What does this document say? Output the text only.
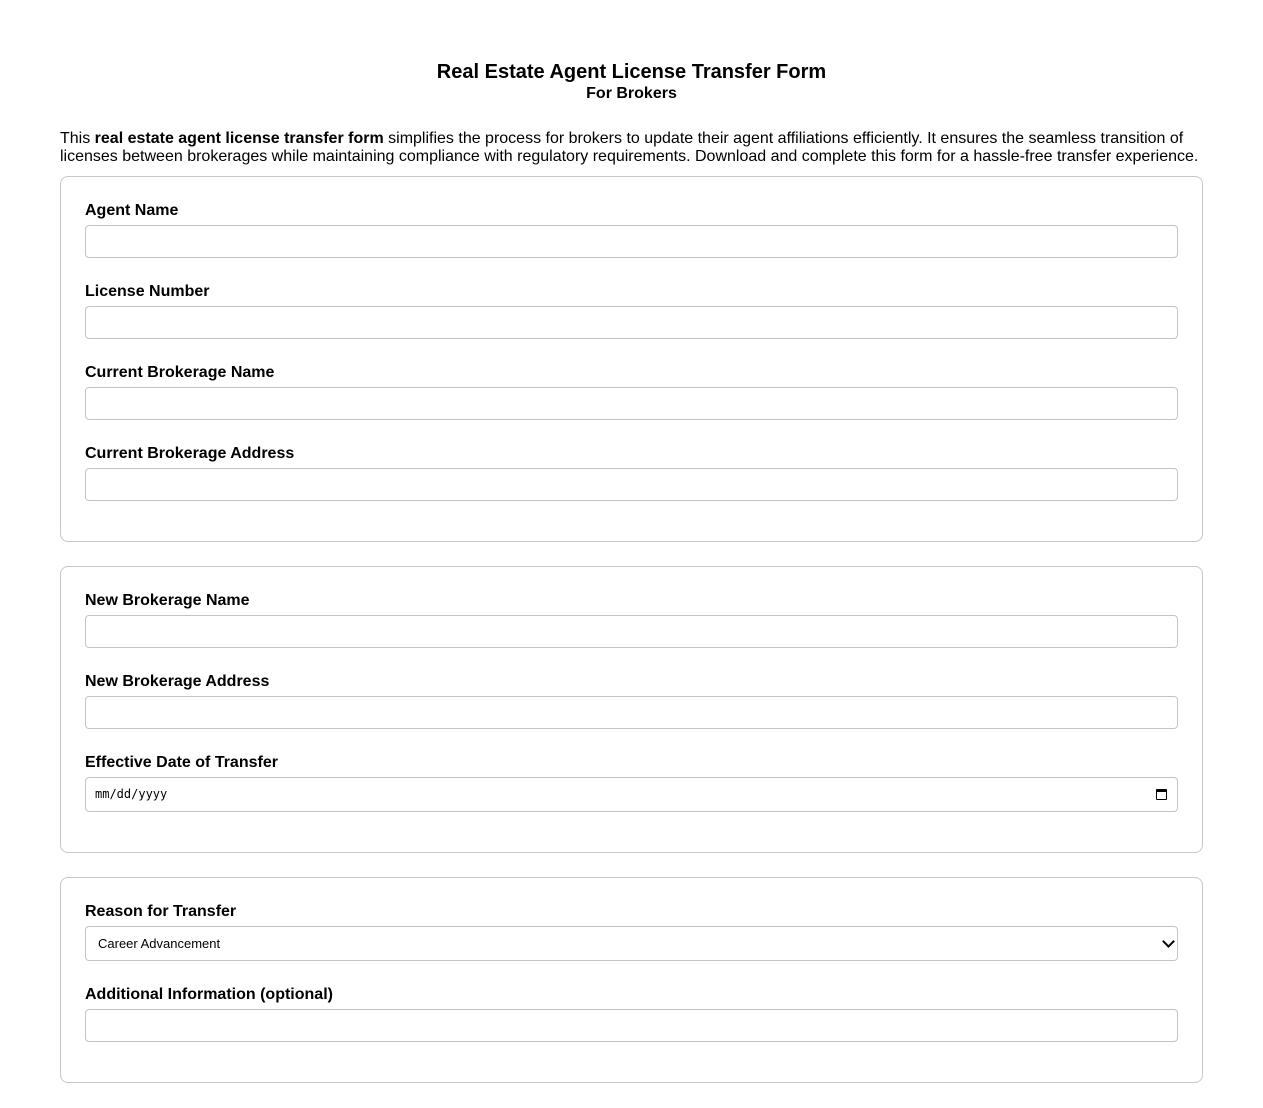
Real Estate Agent License Transfer Form
For Brokers

This real estate agent license transfer form simplifies the process for brokers to update their agent affiliations efficiently. It ensures the seamless transition of licenses between brokerages while maintaining compliance with regulatory requirements. Download and complete this form for a hassle-free transfer experience.

Agent Name
License Number
Current Brokerage Name
Current Brokerage Address
New Brokerage Name
New Brokerage Address
Effective Date of Transfer
mm/dd/yyyy
Reason for Transfer
Career Advancement
Additional Information (optional)
